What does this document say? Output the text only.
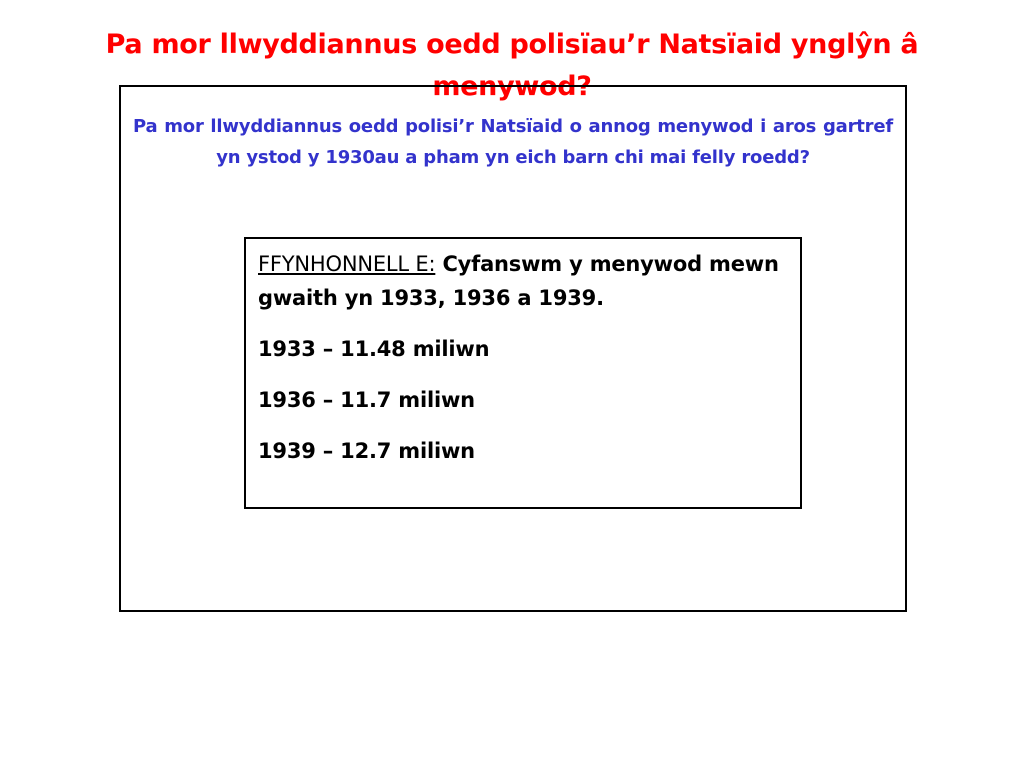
Pa mor llwyddiannus oedd polisïau’r Natsïaid ynglŷn â menywod?
Pa mor llwyddiannus oedd polisi’r Natsïaid o annog menywod i aros gartref yn ystod y 1930au a pham yn eich barn chi mai felly roedd?
FFYNHONNELL E: Cyfanswm y menywod mewn gwaith yn 1933, 1936 a 1939.
1933 – 11.48 miliwn
1936 – 11.7 miliwn
1939 – 12.7 miliwn
